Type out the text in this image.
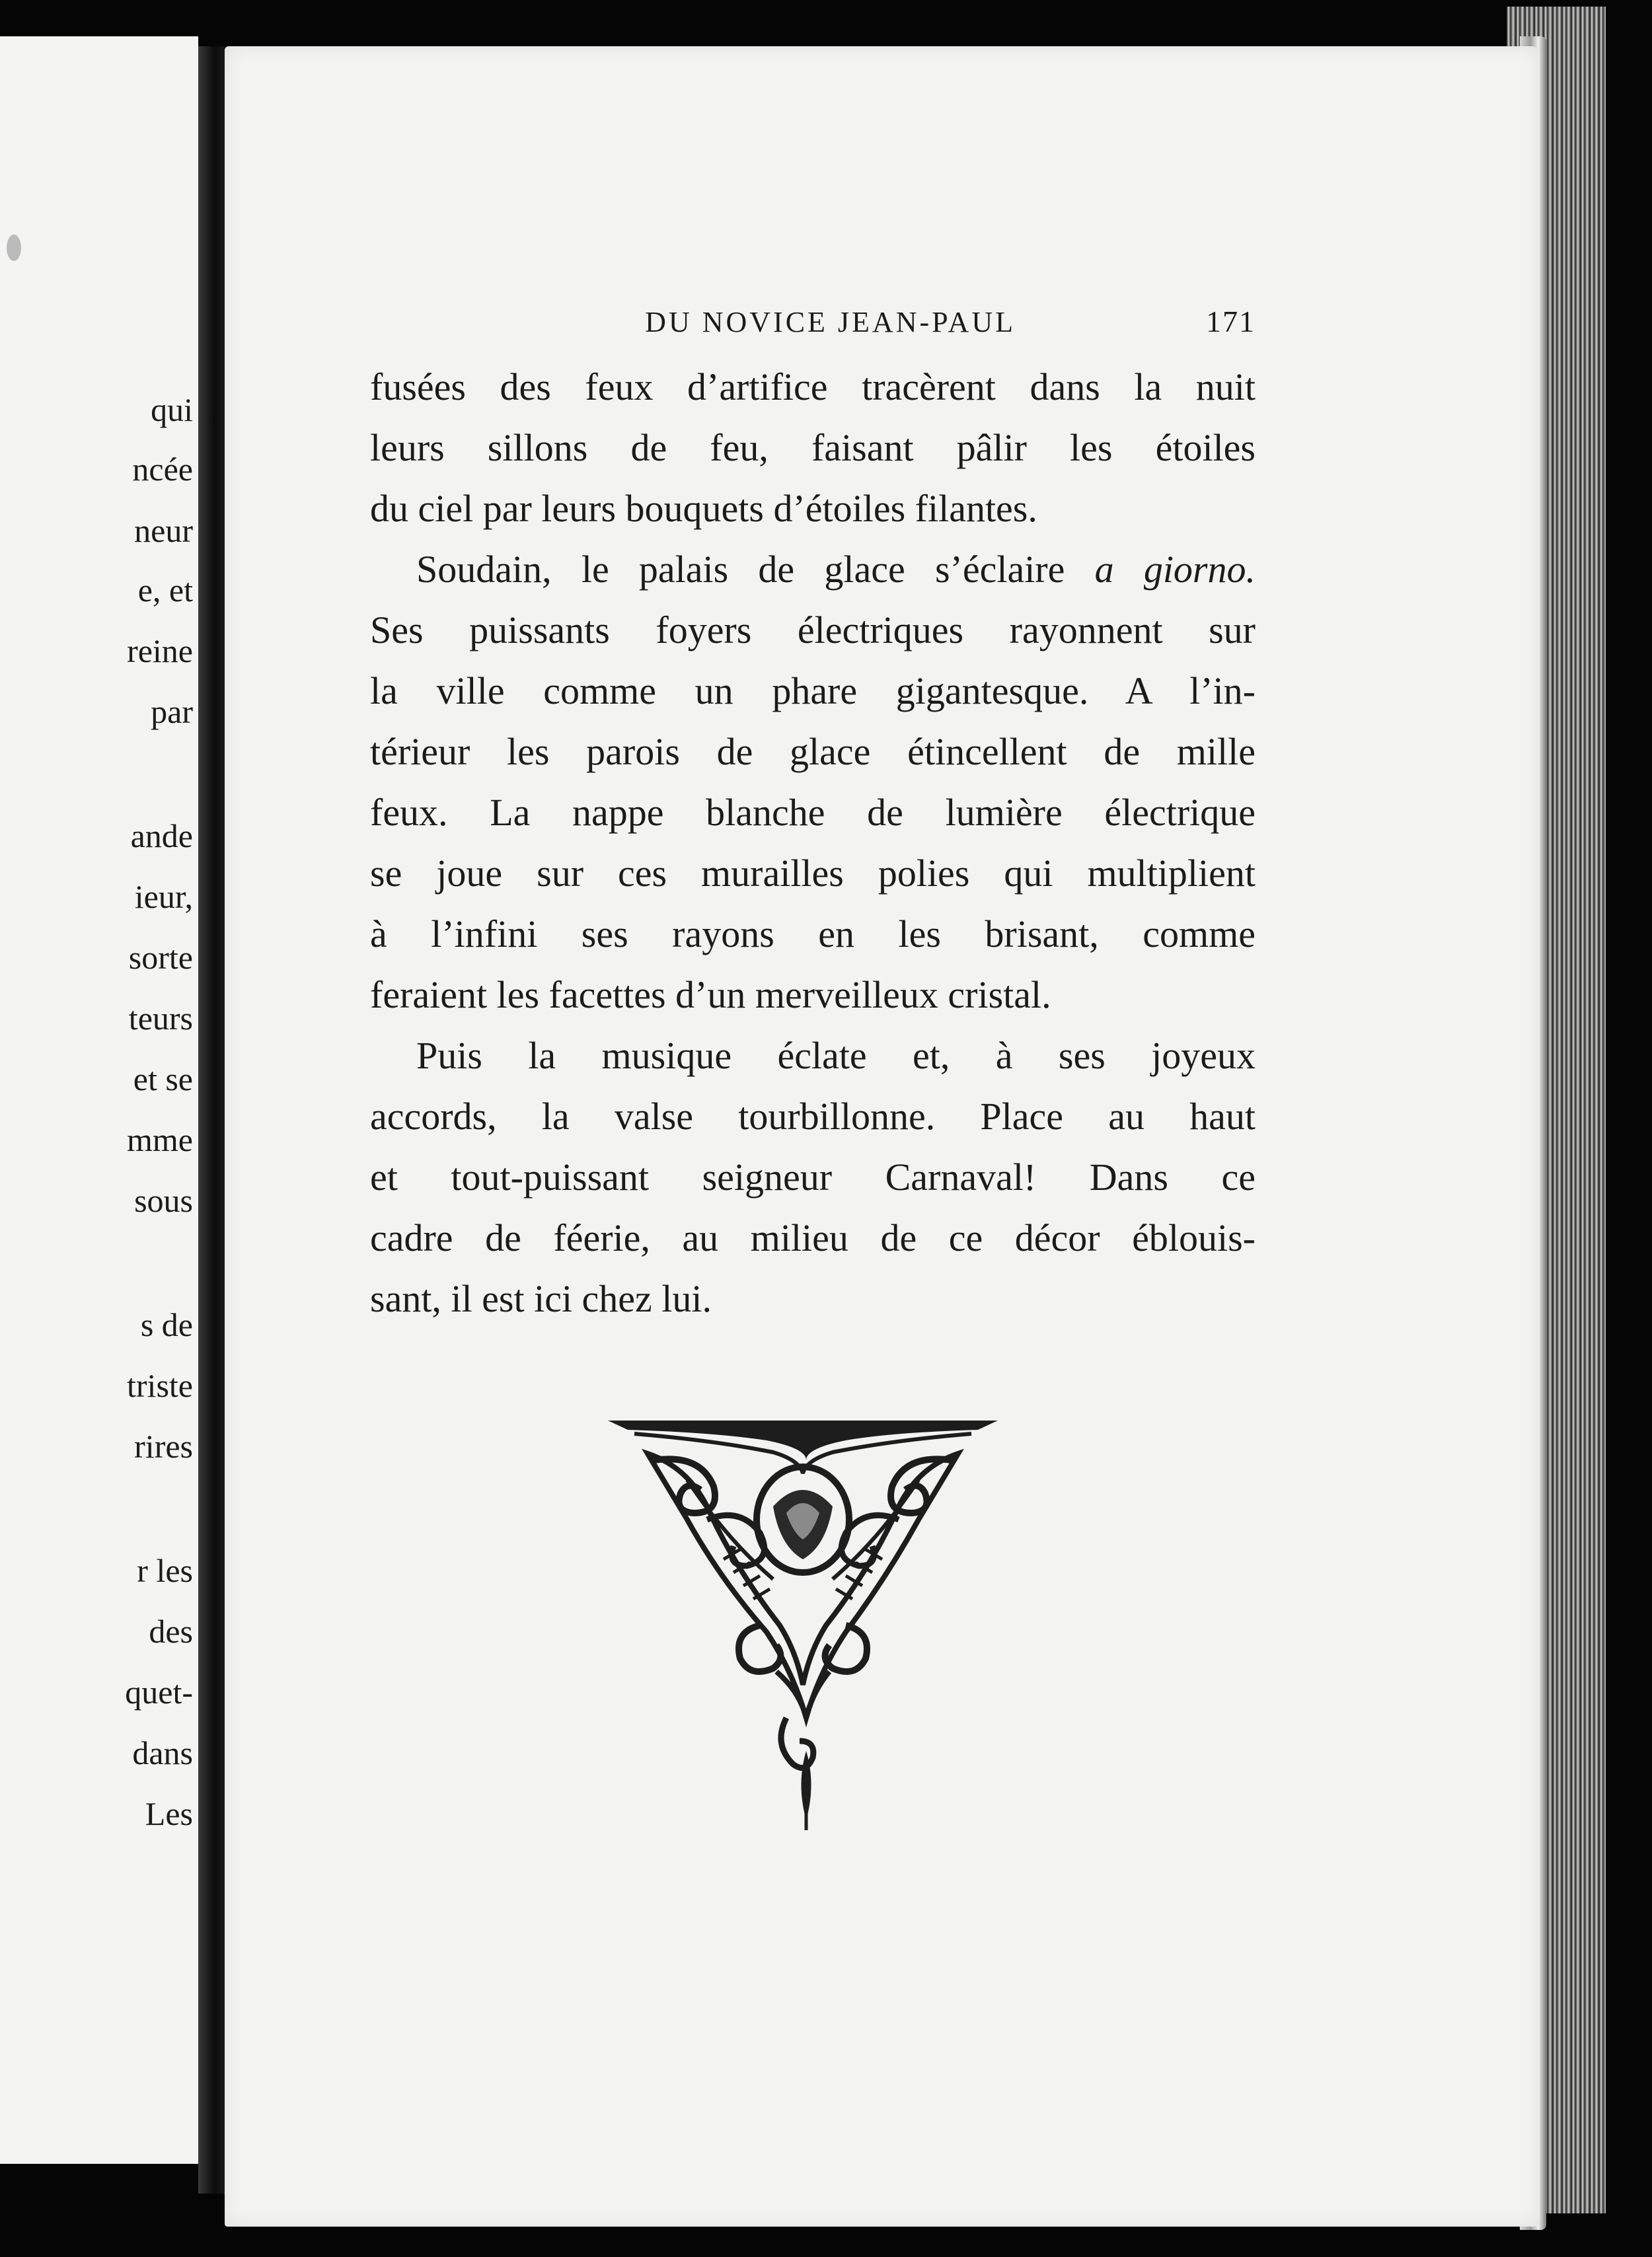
qui
ncée
neur
e, et
reine
par
ande
ieur,
sorte
teurs
et se
mme
sous
s de
triste
rires
r les
des
quet-
dans
Les
DU NOVICE JEAN-PAUL	171
fusées des feux d’artifice tracèrent dans la nuit
leurs sillons de feu, faisant pâlir les étoiles
du ciel par leurs bouquets d’étoiles filantes.
Soudain, le palais de glace s’éclaire a giorno.
Ses puissants foyers électriques rayonnent sur
la ville comme un phare gigantesque. A l’in-
térieur les parois de glace étincellent de mille
feux. La nappe blanche de lumière électrique
se joue sur ces murailles polies qui multiplient
à l’infini ses rayons en les brisant, comme
feraient les facettes d’un merveilleux cristal.
Puis la musique éclate et, à ses joyeux
accords, la valse tourbillonne. Place au haut
et tout-puissant seigneur Carnaval! Dans ce
cadre de féerie, au milieu de ce décor éblouis-
sant, il est ici chez lui.
